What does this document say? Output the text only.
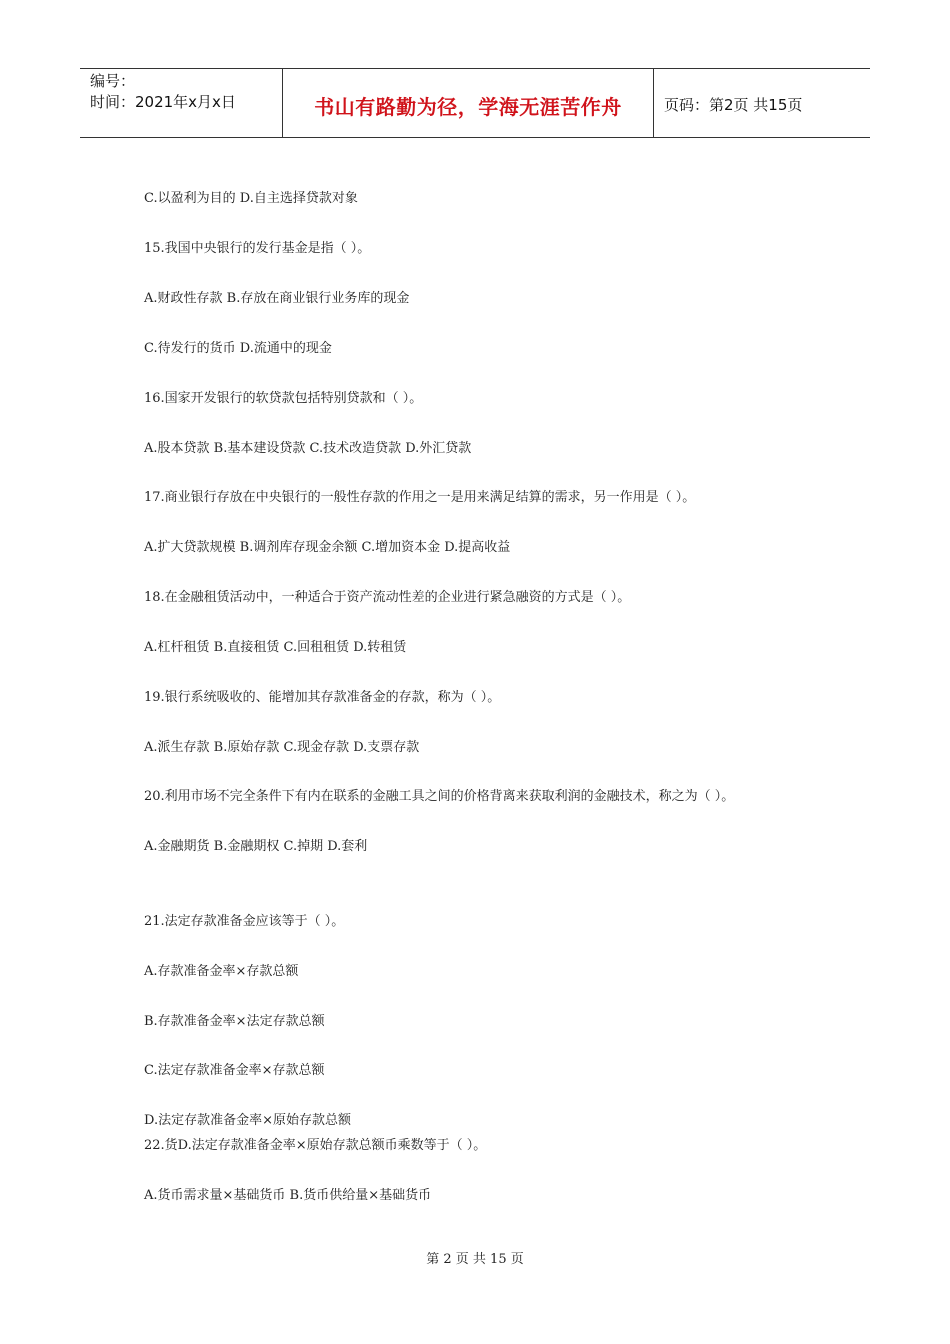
编号：
时间：2021年x月x日	书山有路勤为径，学海无涯苦作舟	页码：第2页 共15页
C.以盈利为目的 D.自主选择贷款对象
15.我国中央银行的发行基金是指（ ）。
A.财政性存款 B.存放在商业银行业务库的现金
C.待发行的货币 D.流通中的现金
16.国家开发银行的软贷款包括特别贷款和（ ）。
A.股本贷款 B.基本建设贷款 C.技术改造贷款 D.外汇贷款
17.商业银行存放在中央银行的一般性存款的作用之一是用来满足结算的需求，另一作用是（ ）。
A.扩大贷款规模 B.调剂库存现金余额 C.增加资本金 D.提高收益
18.在金融租赁活动中，一种适合于资产流动性差的企业进行紧急融资的方式是（ ）。
A.杠杆租赁 B.直接租赁 C.回租租赁 D.转租赁
19.银行系统吸收的、能增加其存款准备金的存款，称为（ ）。
A.派生存款 B.原始存款 C.现金存款 D.支票存款
20.利用市场不完全条件下有内在联系的金融工具之间的价格背离来获取利润的金融技术，称之为（ ）。
A.金融期货 B.金融期权 C.掉期 D.套利
21.法定存款准备金应该等于（ ）。
A.存款准备金率×存款总额
B.存款准备金率×法定存款总额
C.法定存款准备金率×存款总额
D.法定存款准备金率×原始存款总额
22.货D.法定存款准备金率×原始存款总额币乘数等于（ ）。
A.货币需求量×基础货币 B.货币供给量×基础货币
第 2 页 共 15 页
